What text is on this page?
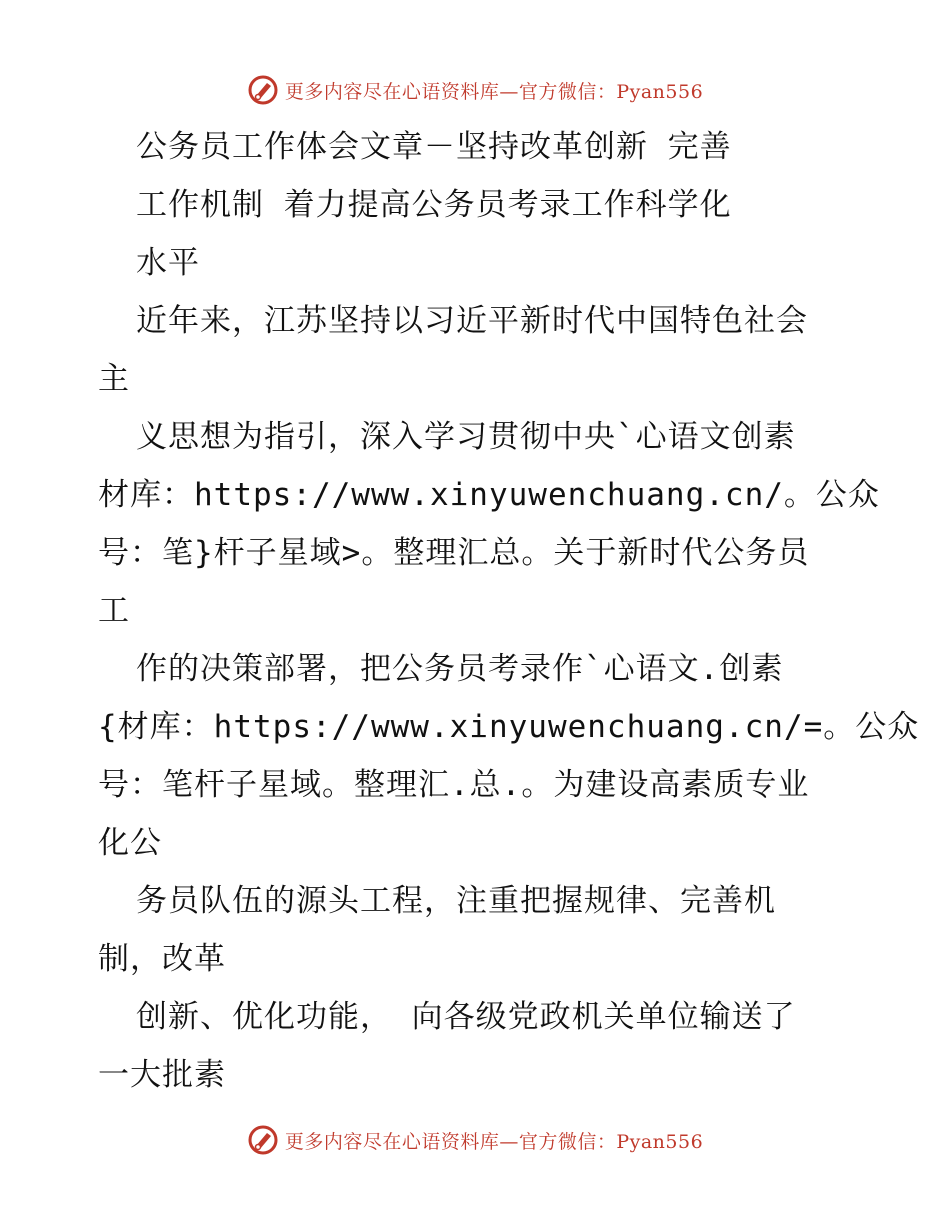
更多内容尽在心语资料库—官方微信：Pyan556
公务员工作体会文章－坚持改革创新 完善
工作机制 着力提高公务员考录工作科学化
水平
近年来，江苏坚持以习近平新时代中国特色社会
主
义思想为指引，深入学习贯彻中央`心语文创素
材库：https://www.xinyuwenchuang.cn/。公众
号：笔}杆子星域>。整理汇总。关于新时代公务员
工
作的决策部署，把公务员考录作`心语文.创素
{材库：https://www.xinyuwenchuang.cn/=。公众
号：笔杆子星域。整理汇.总.。为建设高素质专业
化公
务员队伍的源头工程，注重把握规律、完善机
制，改革
创新、优化功能， 向各级党政机关单位输送了
一大批素
更多内容尽在心语资料库—官方微信：Pyan556
